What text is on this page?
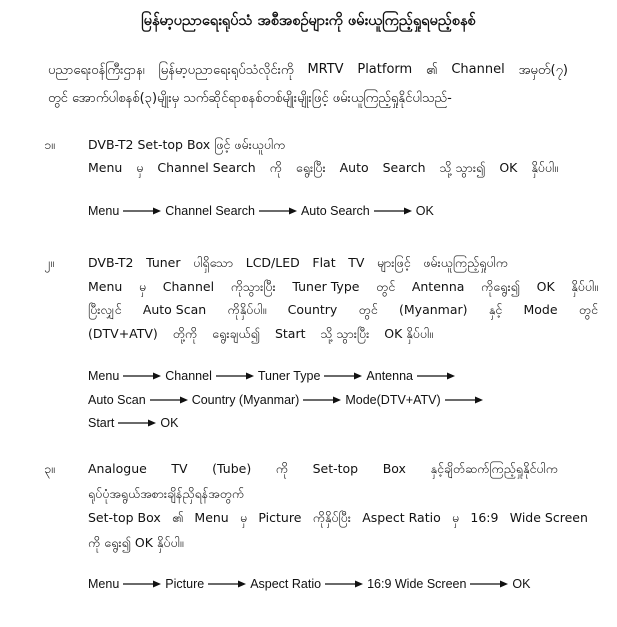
မြန်မာ့ပညာရေးရုပ်သံ အစီအစဉ်များကို ဖမ်းယူကြည့်ရှုရမည့်စနစ်
ပညာရေးဝန်ကြီးဌာန၊ မြန်မာ့ပညာရေးရုပ်သံလိုင်းကို MRTV Platform ၏ Channel အမှတ်(၇)
တွင် အောက်ပါစနစ်(၃)မျိုးမှ သက်ဆိုင်ရာစနစ်တစ်မျိုးမျိုးဖြင့် ဖမ်းယူကြည့်ရှုနိုင်ပါသည်-
၁။	DVB-T2 Set-top Box ဖြင့် ဖမ်းယူပါက
Menu မှ Channel Search ကို ရွေးပြီး Auto Search သို့ သွား၍ OK နှိပ်ပါ။
Menu	Channel Search	Auto Search	OK
၂။	DVB-T2 Tuner ပါရှိသော LCD/LED Flat TV များဖြင့် ဖမ်းယူကြည့်ရှုပါက
Menu မှ Channel ကိုသွားပြီး Tuner Type တွင် Antenna ကိုရွေး၍ OK နှိပ်ပါ။
ပြီးလျှင် Auto Scan ကိုနှိပ်ပါ။ Country တွင် (Myanmar) နှင့် Mode တွင်
(DTV+ATV) တို့ကို ရွေးချယ်၍ Start သို့ သွားပြီး OK နှိပ်ပါ။
Menu	Channel	Tuner Type	Antenna
Auto Scan	Country (Myanmar)	Mode(DTV+ATV)
Start	OK
၃။	Analogue TV (Tube) ကို Set-top Box နှင့်ချိတ်ဆက်ကြည့်ရှုနိုင်ပါက
ရုပ်ပုံအရွယ်အစားချိန်ညှိရန်အတွက်
Set-top Box ၏ Menu မှ Picture ကိုနှိပ်ပြီး Aspect Ratio မှ 16:9 Wide Screen
ကို ရွေး၍ OK နှိပ်ပါ။
Menu	Picture	Aspect Ratio	16:9 Wide Screen	OK
